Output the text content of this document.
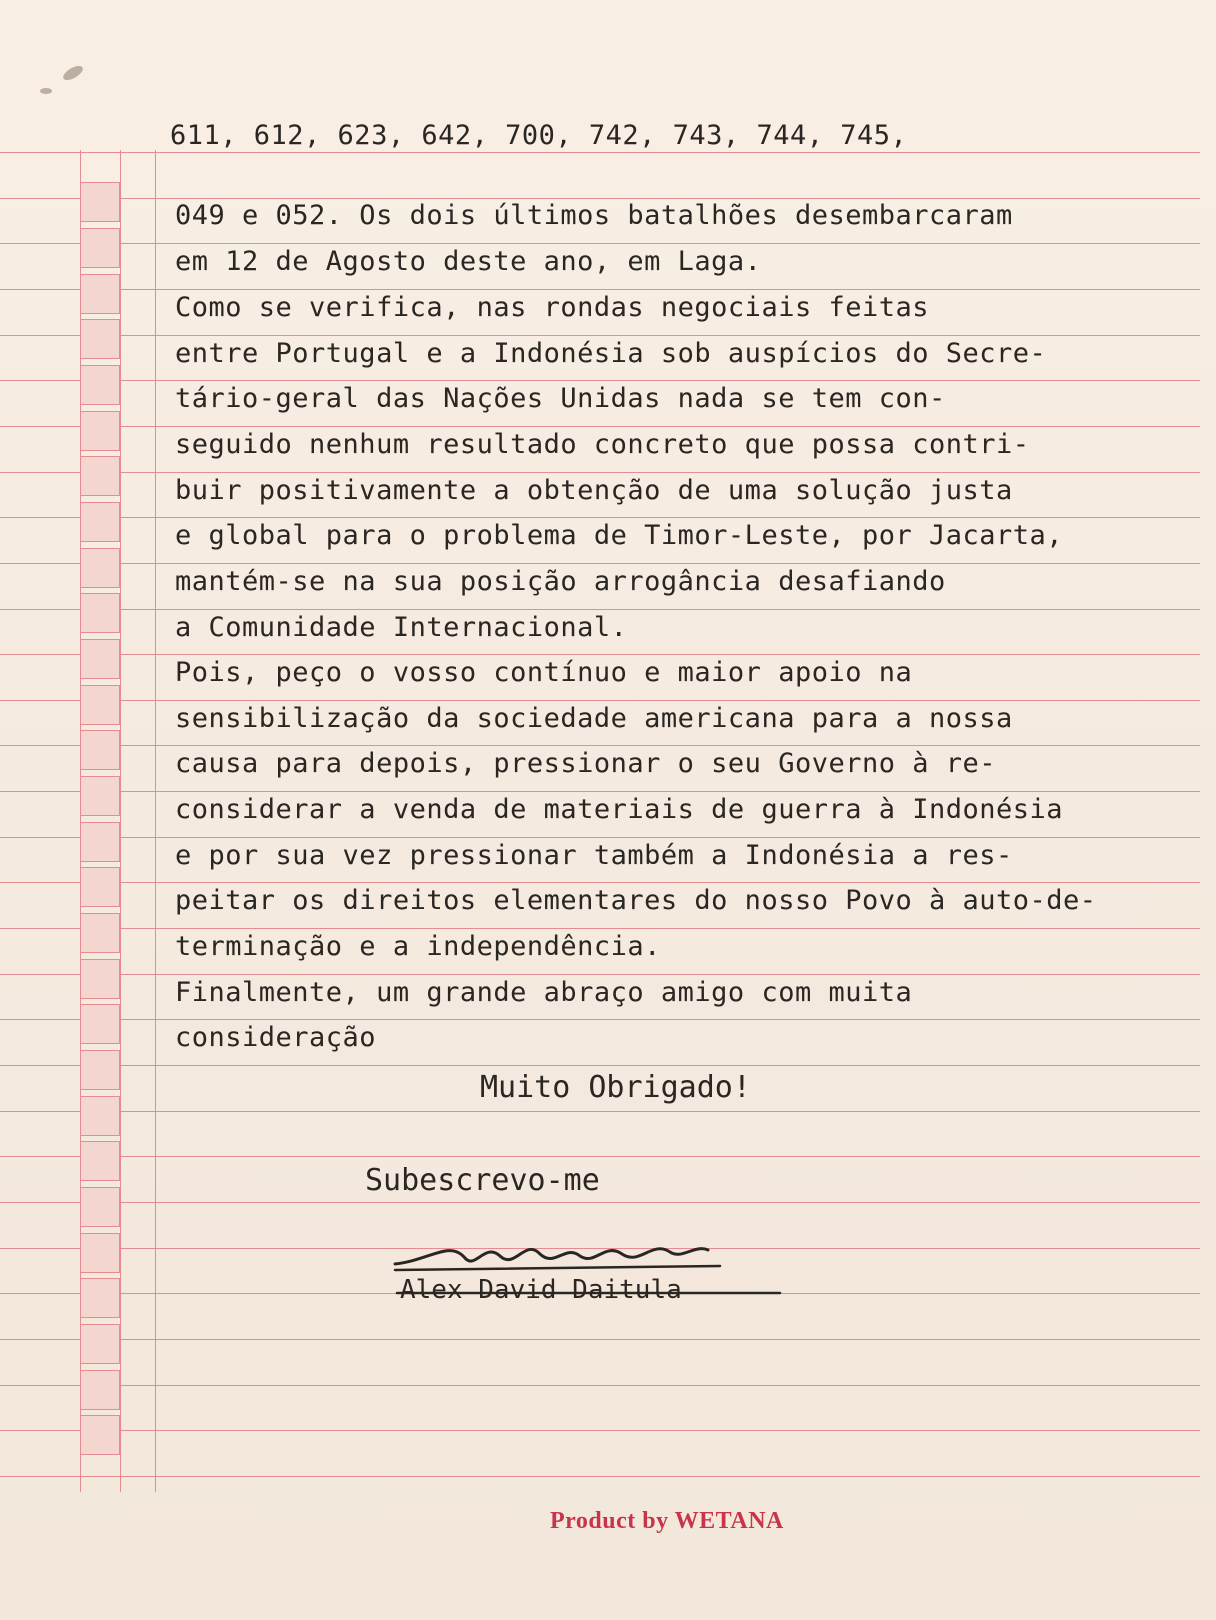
611, 612, 623, 642, 700, 742, 743, 744, 745,
049 e 052. Os dois últimos batalhões desembarcaram
em 12 de Agosto deste ano, em Laga.
Como se verifica, nas rondas negociais feitas
entre Portugal e a Indonésia sob auspícios do Secre-
tário-geral das Nações Unidas nada se tem con-
seguido nenhum resultado concreto que possa contri-
buir positivamente a obtenção de uma solução justa
e global para o problema de Timor-Leste, por Jacarta,
mantém-se na sua posição arrogância desafiando
a Comunidade Internacional.
Pois, peço o vosso contínuo e maior apoio na
sensibilização da sociedade americana para a nossa
causa para depois, pressionar o seu Governo à re-
considerar a venda de materiais de guerra à Indonésia
e por sua vez pressionar também a Indonésia a res-
peitar os direitos elementares do nosso Povo à auto-de-
terminação e a independência.
Finalmente, um grande abraço amigo com muita
consideração
Muito Obrigado!
Subescrevo-me
Alex David Daitula
Product by WETANA
